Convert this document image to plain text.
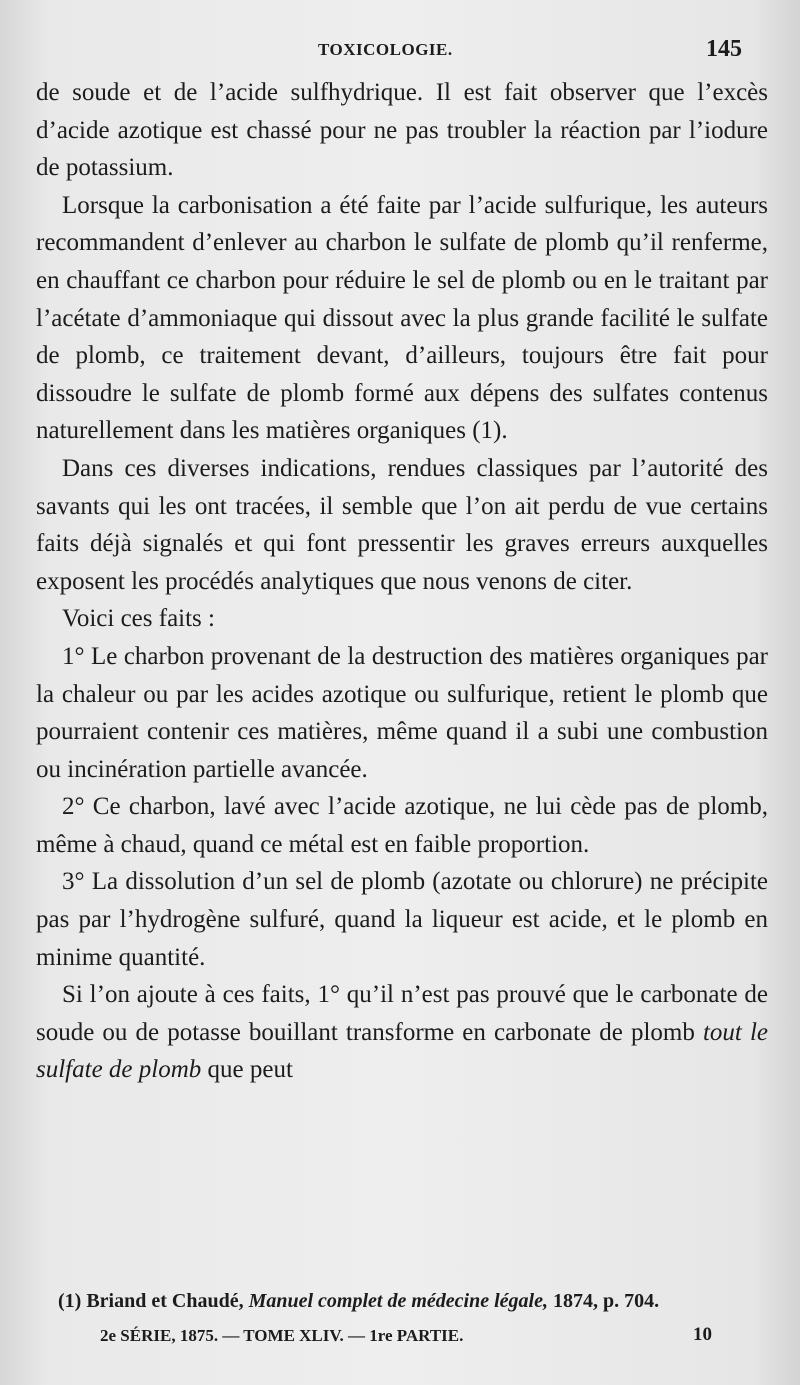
TOXICOLOGIE.	145

de soude et de l’acide sulfhydrique. Il est fait observer que l’excès d’acide azotique est chassé pour ne pas troubler la réaction par l’iodure de potassium.

Lorsque la carbonisation a été faite par l’acide sulfurique, les auteurs recommandent d’enlever au charbon le sulfate de plomb qu’il renferme, en chauffant ce charbon pour réduire le sel de plomb ou en le traitant par l’acétate d’ammoniaque qui dissout avec la plus grande facilité le sulfate de plomb, ce traitement devant, d’ailleurs, toujours être fait pour dissoudre le sulfate de plomb formé aux dépens des sulfates contenus naturellement dans les matières organiques (1).

Dans ces diverses indications, rendues classiques par l’autorité des savants qui les ont tracées, il semble que l’on ait perdu de vue certains faits déjà signalés et qui font pressentir les graves erreurs auxquelles exposent les procédés analytiques que nous venons de citer.

Voici ces faits :

1° Le charbon provenant de la destruction des matières organiques par la chaleur ou par les acides azotique ou sulfurique, retient le plomb que pourraient contenir ces matières, même quand il a subi une combustion ou incinération partielle avancée.

2° Ce charbon, lavé avec l’acide azotique, ne lui cède pas de plomb, même à chaud, quand ce métal est en faible proportion.

3° La dissolution d’un sel de plomb (azotate ou chlorure) ne précipite pas par l’hydrogène sulfuré, quand la liqueur est acide, et le plomb en minime quantité.

Si l’on ajoute à ces faits, 1° qu’il n’est pas prouvé que le carbonate de soude ou de potasse bouillant transforme en carbonate de plomb tout le sulfate de plomb que peut

(1) Briand et Chaudé, Manuel complet de médecine légale, 1874, p. 704.
2e SÉRIE, 1875. — TOME XLIV. — 1re PARTIE.	10
